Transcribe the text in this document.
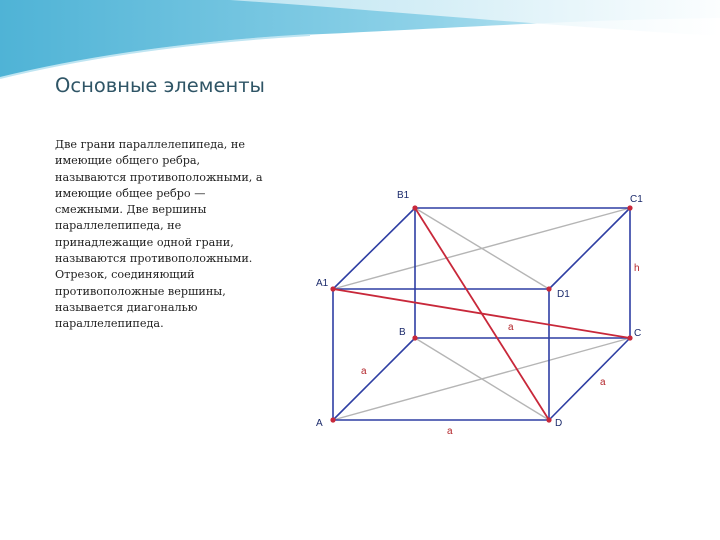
Основные элементы

Две грани параллелепипеда, не имеющие общего ребра, называются противоположными, а имеющие общее ребро — смежными. Две вершины параллелепипеда, не принадлежащие одной грани, называются противоположными. Отрезок, соединяющий противоположные вершины, называется диагональю параллелепипеда.

B1	C1
A1
D1
B	C
A	D
h
a
a
a
a
